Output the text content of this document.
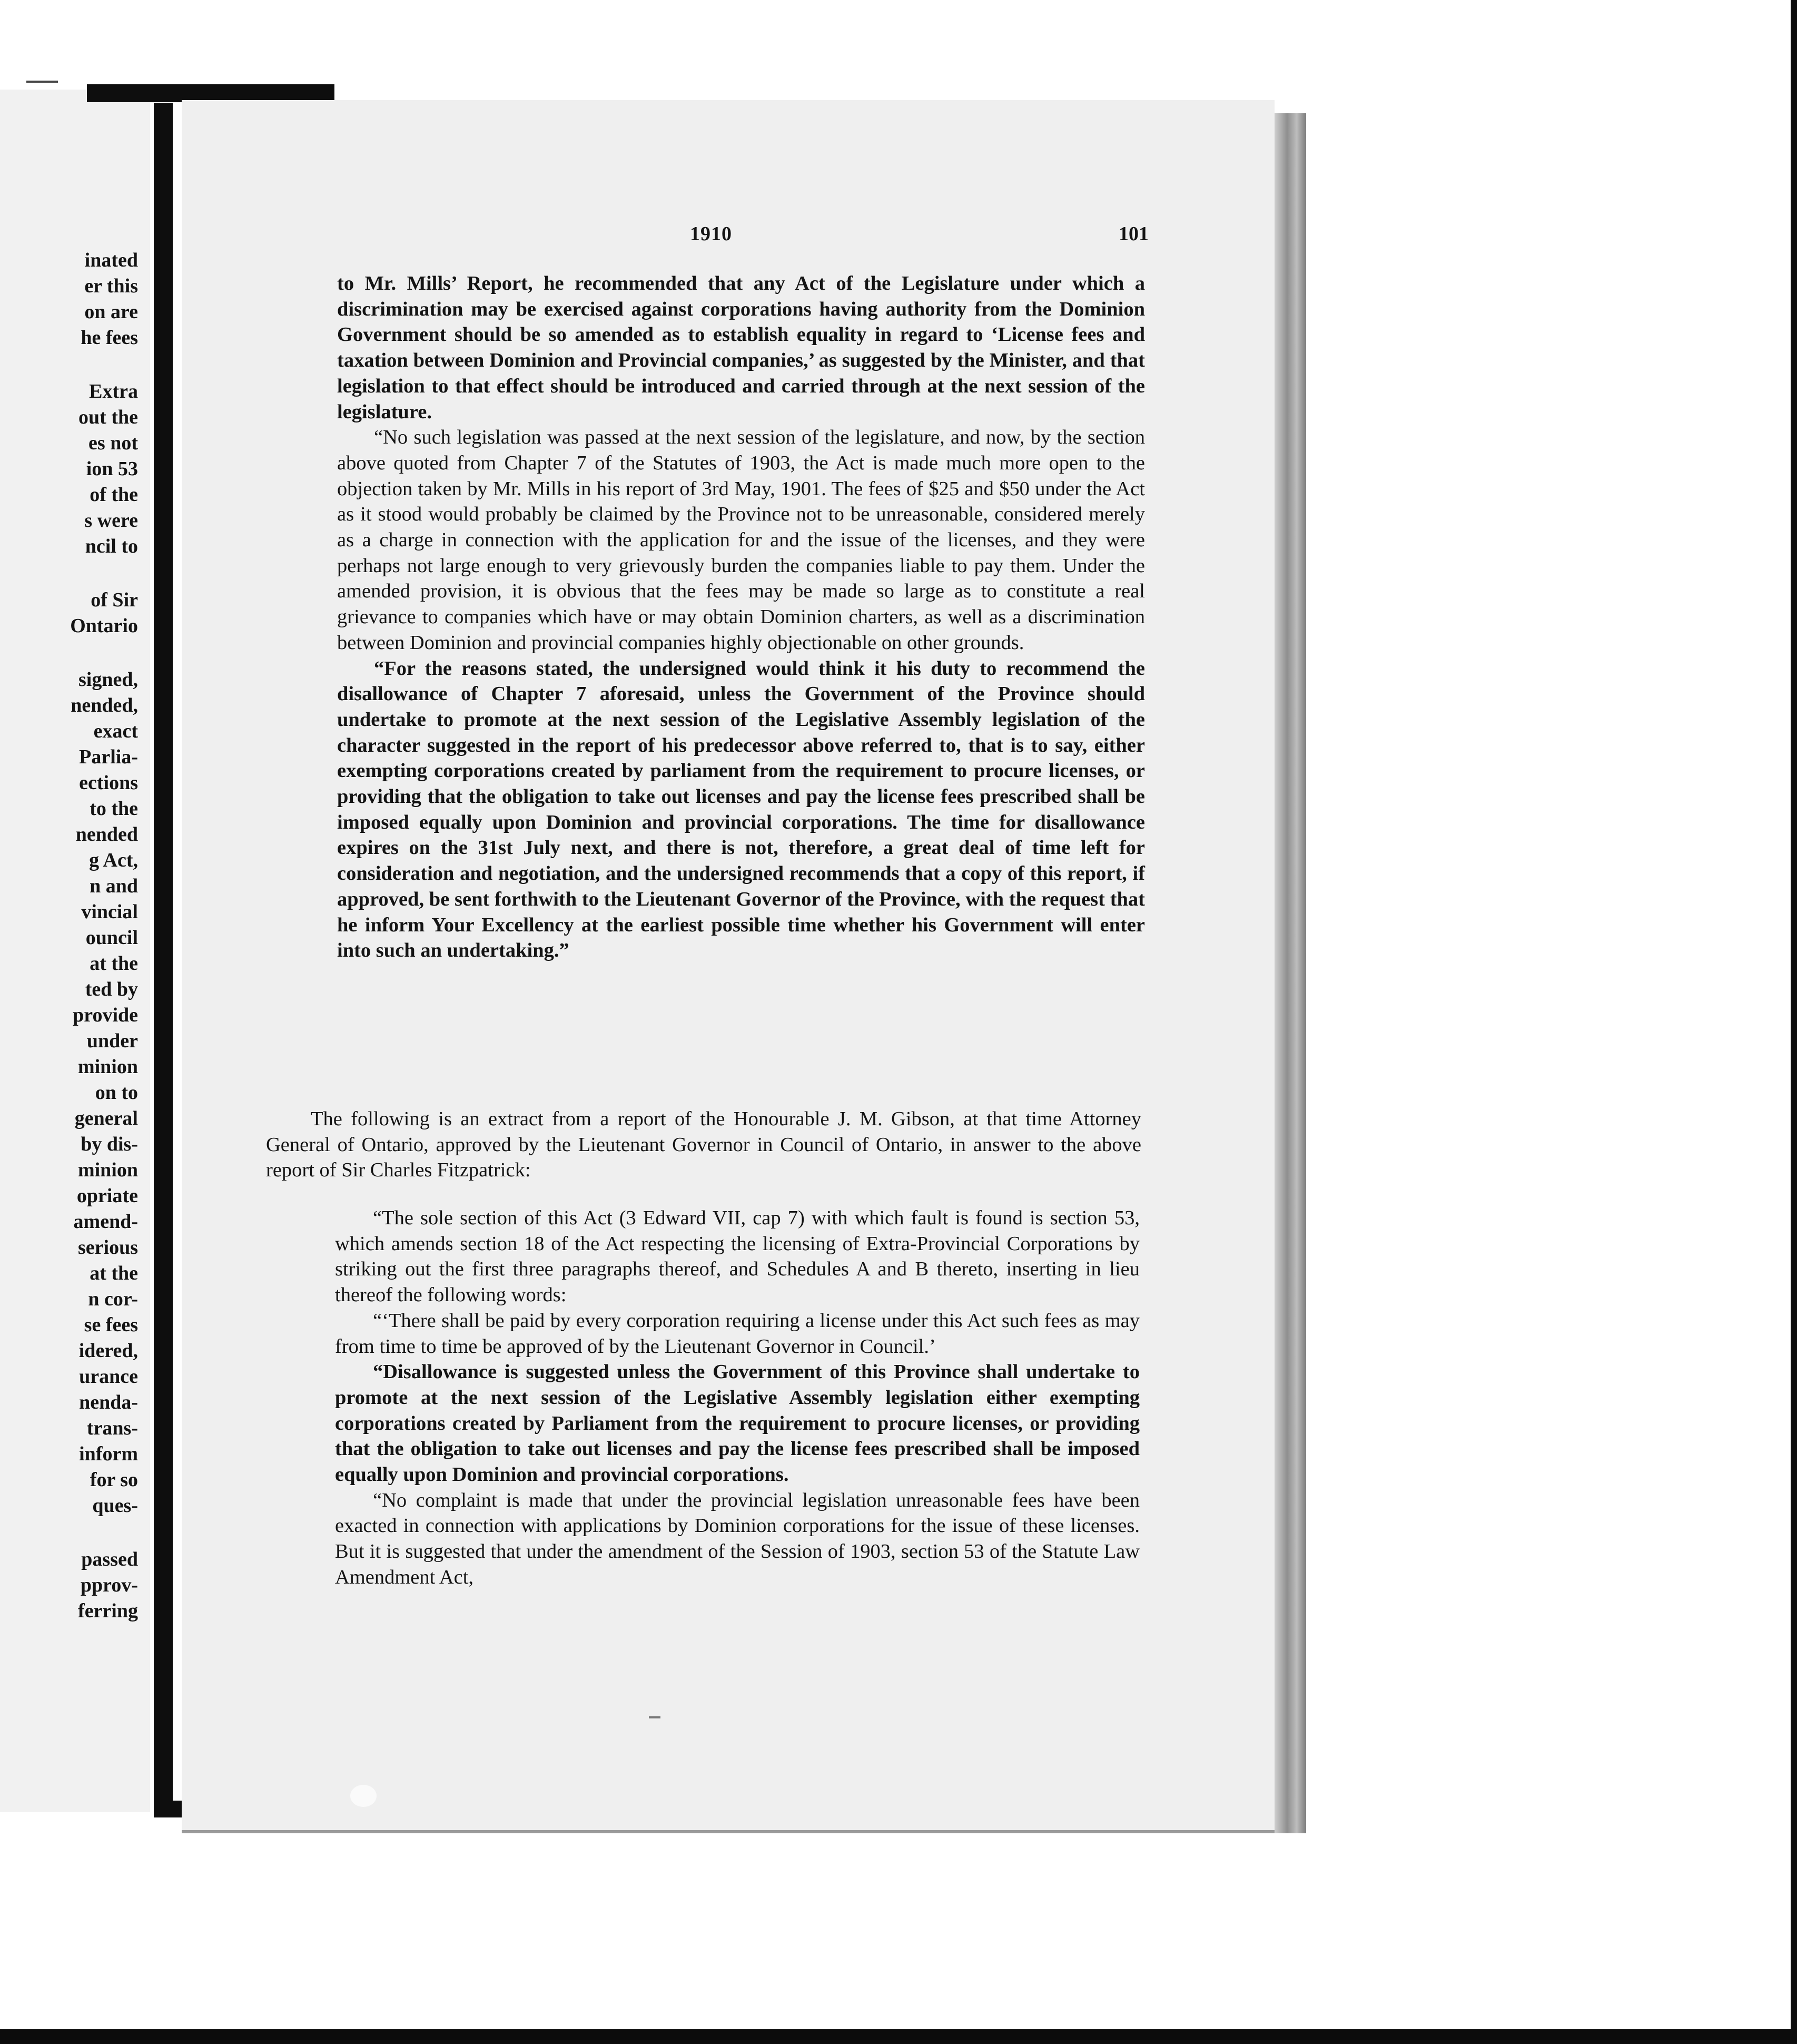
inated
er this
on are
he fees
Extra
out the
es not
ion 53
of the
s were
ncil to
of Sir
Ontario
signed,
nended,
exact
Parlia-
ections
to the
nended
g Act,
n and
vincial
ouncil
at the
ted by
provide
under
minion
on to
general
by dis-
minion
opriate
amend-
serious
at the
n cor-
se fees
idered,
urance
nenda-
trans-
inform
for so
ques-
passed
pprov-
ferring
1910	101

to Mr. Mills’ Report, he recommended that any Act of the Legislature under which a discrimination may be exercised against corporations having authority from the Dominion Government should be so amended as to establish equality in regard to ‘License fees and taxation between Dominion and Provincial companies,’ as suggested by the Minister, and that legislation to that effect should be introduced and carried through at the next session of the legislature.

“No such legislation was passed at the next session of the legislature, and now, by the section above quoted from Chapter 7 of the Statutes of 1903, the Act is made much more open to the objection taken by Mr. Mills in his report of 3rd May, 1901. The fees of $25 and $50 under the Act as it stood would probably be claimed by the Province not to be unreasonable, considered merely as a charge in connection with the application for and the issue of the licenses, and they were perhaps not large enough to very grievously burden the companies liable to pay them. Under the amended provision, it is obvious that the fees may be made so large as to constitute a real grievance to companies which have or may obtain Dominion charters, as well as a discrimination between Dominion and provincial companies highly objectionable on other grounds.

“For the reasons stated, the undersigned would think it his duty to recommend the disallowance of Chapter 7 aforesaid, unless the Government of the Province should undertake to promote at the next session of the Legislative Assembly legislation of the character suggested in the report of his predecessor above referred to, that is to say, either exempting corporations created by parliament from the requirement to procure licenses, or providing that the obligation to take out licenses and pay the license fees prescribed shall be imposed equally upon Dominion and provincial corporations. The time for disallowance expires on the 31st July next, and there is not, therefore, a great deal of time left for consideration and negotiation, and the undersigned recommends that a copy of this report, if approved, be sent forthwith to the Lieutenant Governor of the Province, with the request that he inform Your Excellency at the earliest possible time whether his Government will enter into such an undertaking.”

The following is an extract from a report of the Honourable J. M. Gibson, at that time Attorney General of Ontario, approved by the Lieutenant Governor in Council of Ontario, in answer to the above report of Sir Charles Fitzpatrick:

“The sole section of this Act (3 Edward VII, cap 7) with which fault is found is section 53, which amends section 18 of the Act respecting the licensing of Extra-Provincial Corporations by striking out the first three paragraphs thereof, and Schedules A and B thereto, inserting in lieu thereof the following words:

“‘There shall be paid by every corporation requiring a license under this Act such fees as may from time to time be approved of by the Lieutenant Governor in Council.’

“Disallowance is suggested unless the Government of this Province shall undertake to promote at the next session of the Legislative Assembly legislation either exempting corporations created by Parliament from the requirement to procure licenses, or providing that the obligation to take out licenses and pay the license fees prescribed shall be imposed equally upon Dominion and provincial corporations.

“No complaint is made that under the provincial legislation unreasonable fees have been exacted in connection with applications by Dominion corporations for the issue of these licenses. But it is suggested that under the amendment of the Session of 1903, section 53 of the Statute Law Amendment Act,
